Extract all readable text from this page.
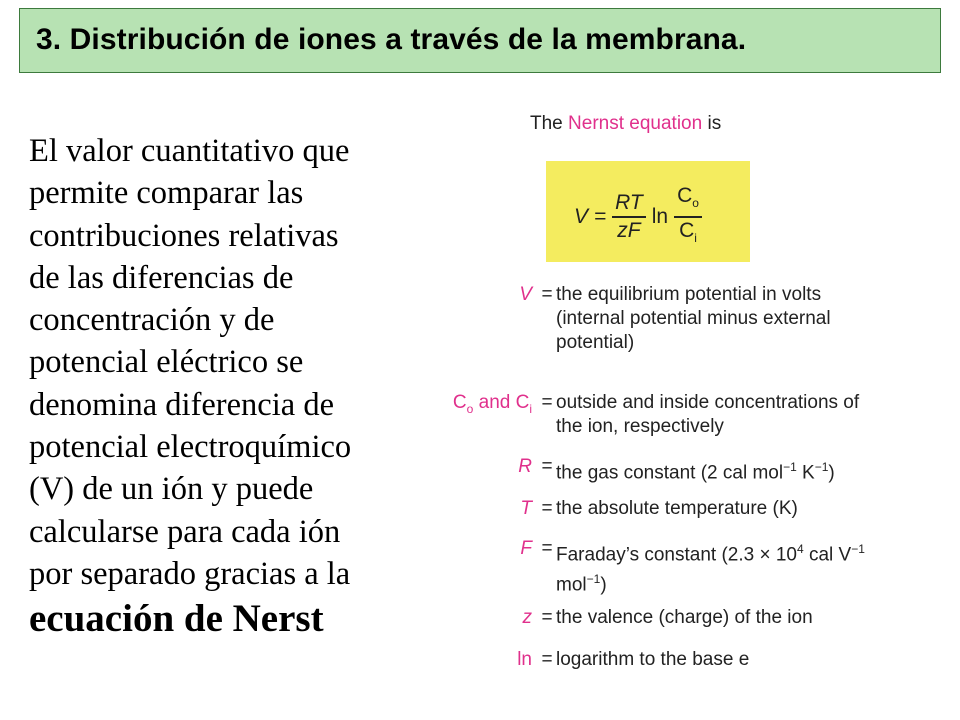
3. Distribución de iones a través de la membrana.
El valor cuantitativo que
permite comparar las
contribuciones relativas
de las diferencias de
concentración y de
potencial eléctrico se
denomina diferencia de
potencial electroquímico
(V) de un ión y puede
calcularse para cada ión
por separado gracias a la
ecuación de Nerst
The Nernst equation is
$V = \frac{RT}{zF}$ $\ln \frac{C_o}{C_i}$
V = the equilibrium potential in volts
(internal potential minus external
potential)
$C_o$ and $C_i$ = outside and inside concentrations of
the ion, respectively
R = the gas constant (2 cal mol$^{-1}$ $K^{-1}$)
T = the absolute temperature (K)
F = Faraday’s constant ($2.3 \times 10^4$ cal $V^{-1}$
mol$^{-1}$)
z = the valence (charge) of the ion
ln = logarithm to the base e
